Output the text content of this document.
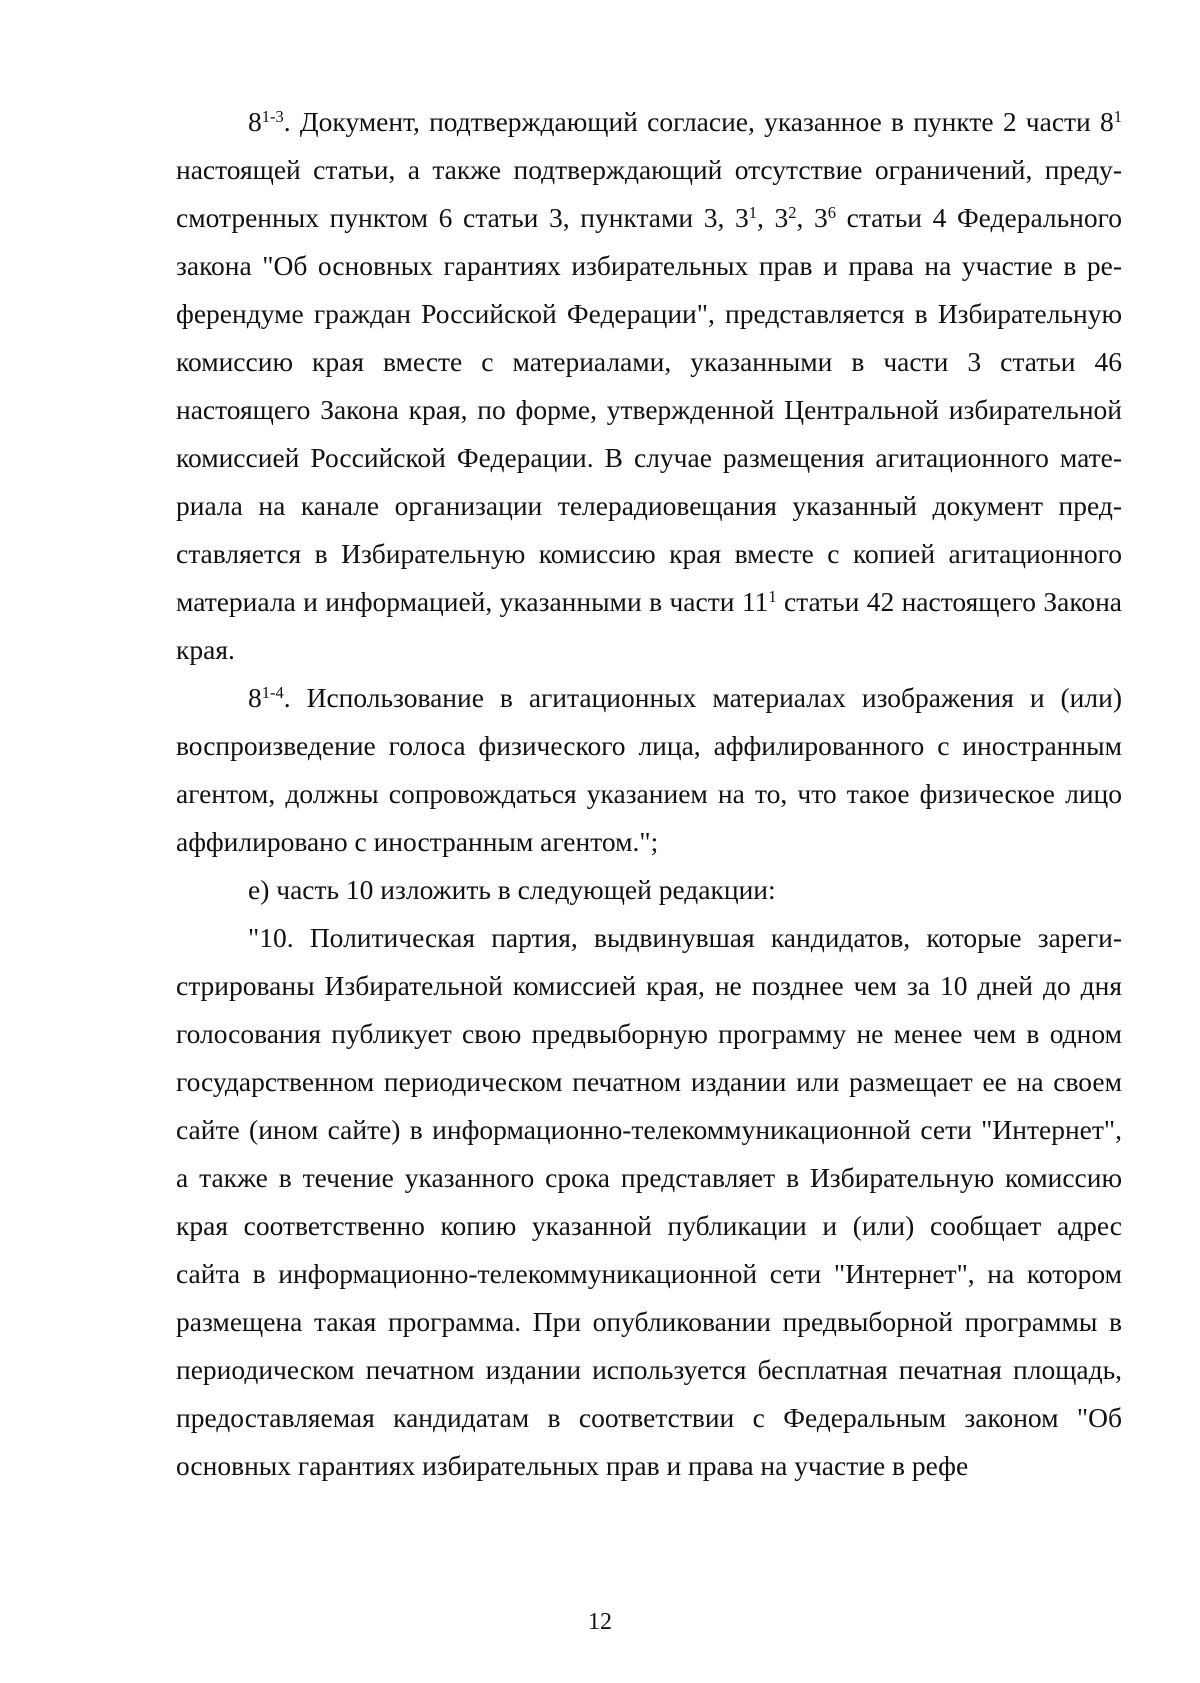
8$^{1-3}$. Документ, подтверждающий согласие, указанное в пункте 2 части $8^1$ настоящей статьи, а также подтверждающий отсутствие ограничений, предусмотренных пунктом 6 статьи 3, пунктами 3, $3^1$, $3^2$, $3^6$ статьи 4 Федерального закона "Об основных гарантиях избирательных прав и права на участие в референдуме граждан Российской Федерации", представляется в Избирательную комиссию края вместе с материалами, указанными в части 3 статьи 46 настоящего Закона края, по форме, утвержденной Центральной избирательной комиссией Российской Федерации. В случае размещения агитационного материала на канале организации телерадиовещания указанный документ представляется в Избирательную комиссию края вместе с копией агитационного материала и информацией, указанными в части $11^1$ статьи 42 настоящего Закона края.

8$^{1-4}$. Использование в агитационных материалах изображения и (или) воспроизведение голоса физического лица, аффилированного с иностранным агентом, должны сопровождаться указанием на то, что такое физическое лицо аффилировано с иностранным агентом.";

е) часть 10 изложить в следующей редакции:

"10. Политическая партия, выдвинувшая кандидатов, которые зарегистрированы Избирательной комиссией края, не позднее чем за 10 дней до дня голосования публикует свою предвыборную программу не менее чем в одном государственном периодическом печатном издании или размещает ее на своем сайте (ином сайте) в информационно-телекоммуникационной сети "Интернет", а также в течение указанного срока представляет в Избирательную комиссию края соответственно копию указанной публикации и (или) сообщает адрес сайта в информационно-телекоммуникационной сети "Интернет", на котором размещена такая программа. При опубликовании предвыборной программы в периодическом печатном издании используется бесплатная печатная площадь, предоставляемая кандидатам в соответствии с Федеральным законом "Об основных гарантиях избирательных прав и права на участие в рефе

12
